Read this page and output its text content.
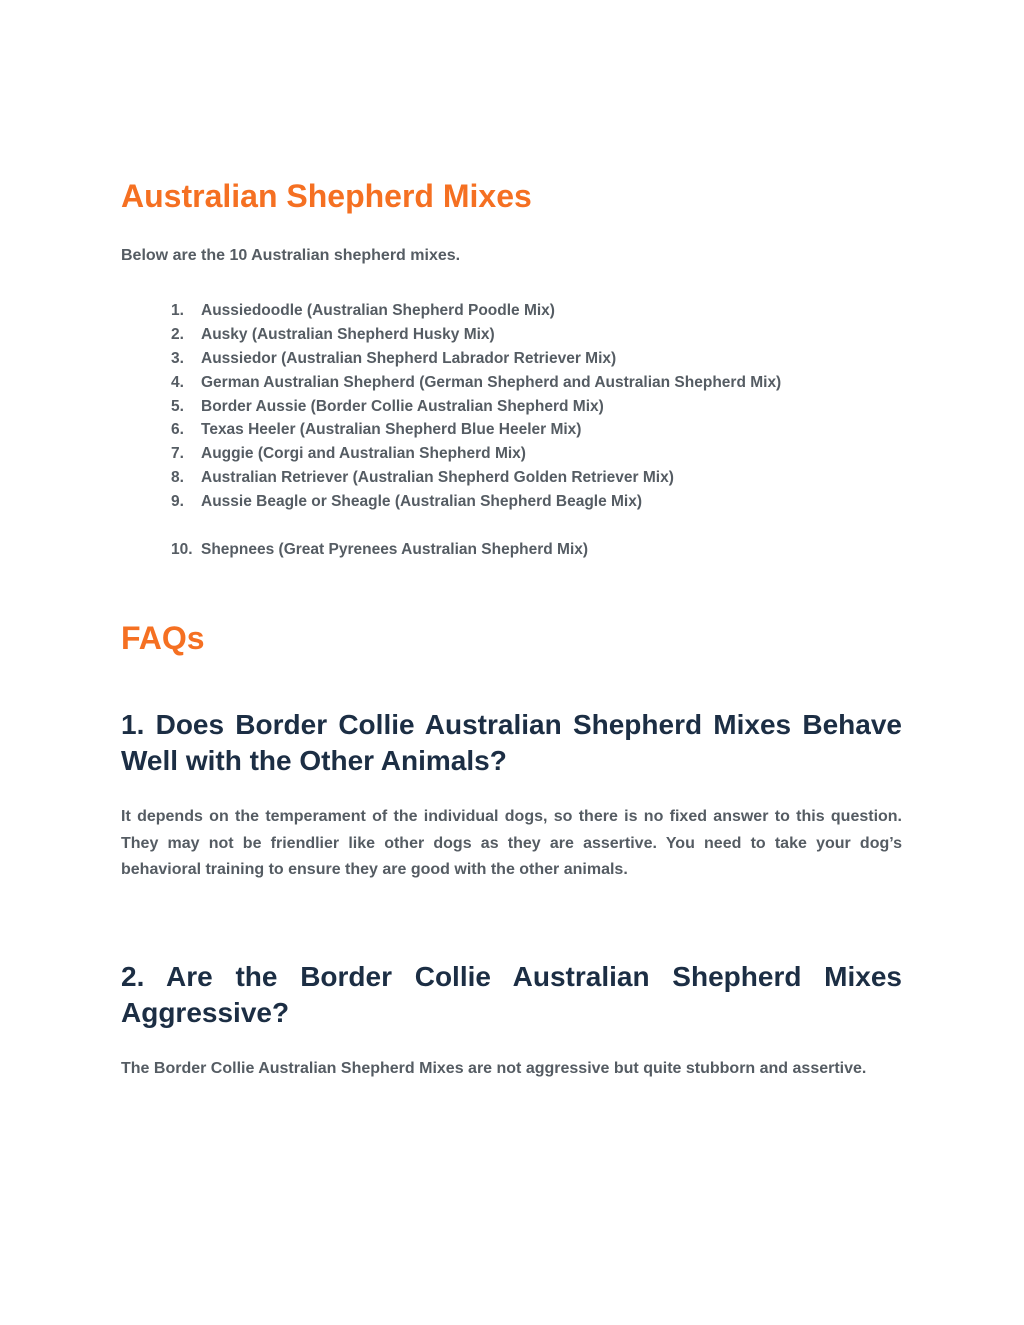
Australian Shepherd Mixes

Below are the 10 Australian shepherd mixes.

1. Aussiedoodle (Australian Shepherd Poodle Mix)
2. Ausky (Australian Shepherd Husky Mix)
3. Aussiedor (Australian Shepherd Labrador Retriever Mix)
4. German Australian Shepherd (German Shepherd and Australian Shepherd Mix)
5. Border Aussie (Border Collie Australian Shepherd Mix)
6. Texas Heeler (Australian Shepherd Blue Heeler Mix)
7. Auggie (Corgi and Australian Shepherd Mix)
8. Australian Retriever (Australian Shepherd Golden Retriever Mix)
9. Aussie Beagle or Sheagle (Australian Shepherd Beagle Mix)
10. Shepnees (Great Pyrenees Australian Shepherd Mix)
FAQs
1. Does Border Collie Australian Shepherd Mixes Behave Well with the Other Animals?

It depends on the temperament of the individual dogs, so there is no fixed answer to this question. They may not be friendlier like other dogs as they are assertive. You need to take your dog’s behavioral training to ensure they are good with the other animals.

2. Are the Border Collie Australian Shepherd Mixes Aggressive?

The Border Collie Australian Shepherd Mixes are not aggressive but quite stubborn and assertive.
